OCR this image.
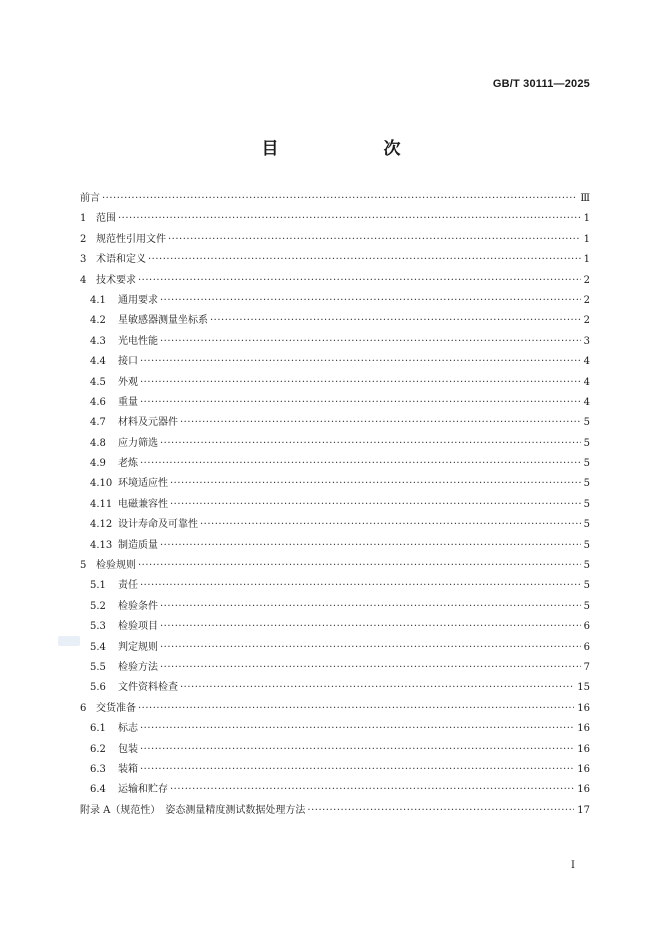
GB/T 30111—2025
目　次
前言 ·····	Ⅲ
1 范围 ·····	1
2 规范性引用文件 ·····	1
3 术语和定义 ·····	1
4 技术要求 ·····	2
4.1	通用要求 ·····	2
4.2	星敏感器测量坐标系 ·····	2
4.3	光电性能 ·····	3
4.4	接口 ·····	4
4.5	外观 ·····	4
4.6	重量 ·····	4
4.7	材料及元器件 ·····	5
4.8	应力筛选 ·····	5
4.9	老炼 ·····	5
4.10 环境适应性 ·····	5
4.11 电磁兼容性 ·····	5
4.12 设计寿命及可靠性 ·····	5
4.13 制造质量 ·····	5
5 检验规则 ·····	5
5.1	责任 ·····	5
5.2	检验条件 ·····	5
5.3	检验项目 ·····	6
5.4	判定规则 ·····	6
5.5	检验方法 ·····	7
5.6	文件资料检查 ·····	15
6 交货准备 ·····	16
6.1	标志 ·····	16
6.2	包装 ·····	16
6.3	装箱 ·····	16
6.4	运输和贮存 ·····	16
附录 A（规范性）　姿态测量精度测试数据处理方法 ·····	17
I
